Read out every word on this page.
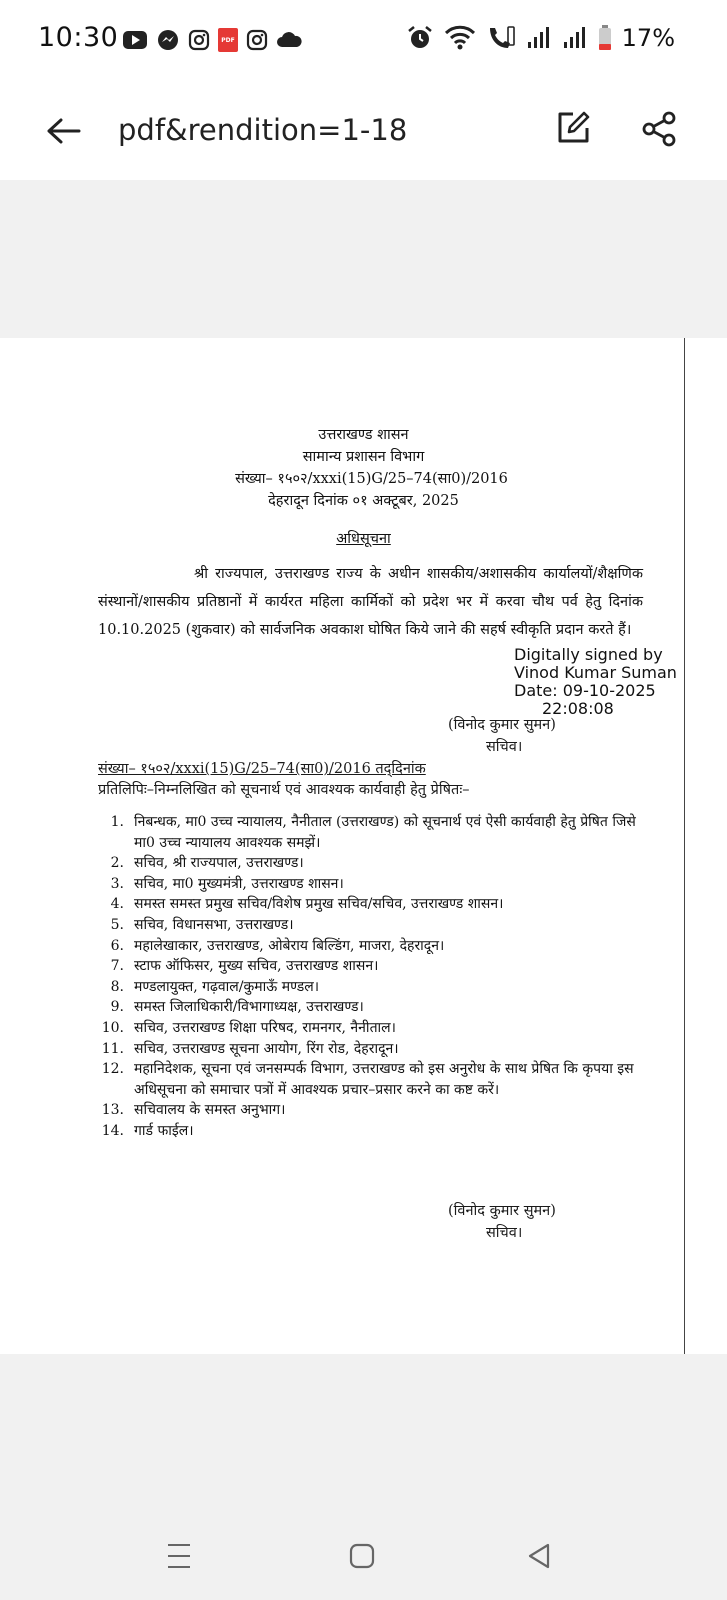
10:30	PDF	17%
pdf&rendition=1-18
उत्तराखण्ड शासन
सामान्य प्रशासन विभाग
संख्या– १५०२/xxxi(15)G/25–74(सा0)/2016
देहरादून दिनांक ०१ अक्टूबर, 2025
अधिसूचना
श्री राज्यपाल, उत्तराखण्ड राज्य के अधीन शासकीय/अशासकीय कार्यालयों/शैक्षणिक संस्थानों/शासकीय प्रतिष्ठानों में कार्यरत महिला कार्मिकों को प्रदेश भर में करवा चौथ पर्व हेतु दिनांक 10.10.2025 (शुकवार) को सार्वजनिक अवकाश घोषित किये जाने की सहर्ष स्वीकृति प्रदान करते हैं।
Digitally signed by
Vinod Kumar Suman
Date: 09-10-2025
22:08:08
(विनोद कुमार सुमन)
सचिव।
संख्या– १५०२/xxxi(15)G/25–74(सा0)/2016 तद्‌दिनांक
प्रतिलिपिः–निम्नलिखित को सूचनार्थ एवं आवश्यक कार्यवाही हेतु प्रेषितः–
1. निबन्धक, मा0 उच्च न्यायालय, नैनीताल (उत्तराखण्ड) को सूचनार्थ एवं ऐसी कार्यवाही हेतु प्रेषित जिसे मा0 उच्च न्यायालय आवश्यक समझें।
2. सचिव, श्री राज्यपाल, उत्तराखण्ड।
3. सचिव, मा0 मुख्यमंत्री, उत्तराखण्ड शासन।
4. समस्त समस्त प्रमुख सचिव/विशेष प्रमुख सचिव/सचिव, उत्तराखण्ड शासन।
5. सचिव, विधानसभा, उत्तराखण्ड।
6. महालेखाकार, उत्तराखण्ड, ओबेराय बिल्डिंग, माजरा, देहरादून।
7. स्टाफ ऑफिसर, मुख्य सचिव, उत्तराखण्ड शासन।
8. मण्डलायुक्त, गढ़वाल/कुमाऊँ मण्डल।
9. समस्त जिलाधिकारी/विभागाध्यक्ष, उत्तराखण्ड।
10. सचिव, उत्तराखण्ड शिक्षा परिषद, रामनगर, नैनीताल।
11. सचिव, उत्तराखण्ड सूचना आयोग, रिंग रोड, देहरादून।
12. महानिदेशक, सूचना एवं जनसम्पर्क विभाग, उत्तराखण्ड को इस अनुरोध के साथ प्रेषित कि कृपया इस अधिसूचना को समाचार पत्रों में आवश्यक प्रचार–प्रसार करने का कष्ट करें।
13. सचिवालय के समस्त अनुभाग।
14. गार्ड फाईल।
(विनोद कुमार सुमन)
सचिव।
